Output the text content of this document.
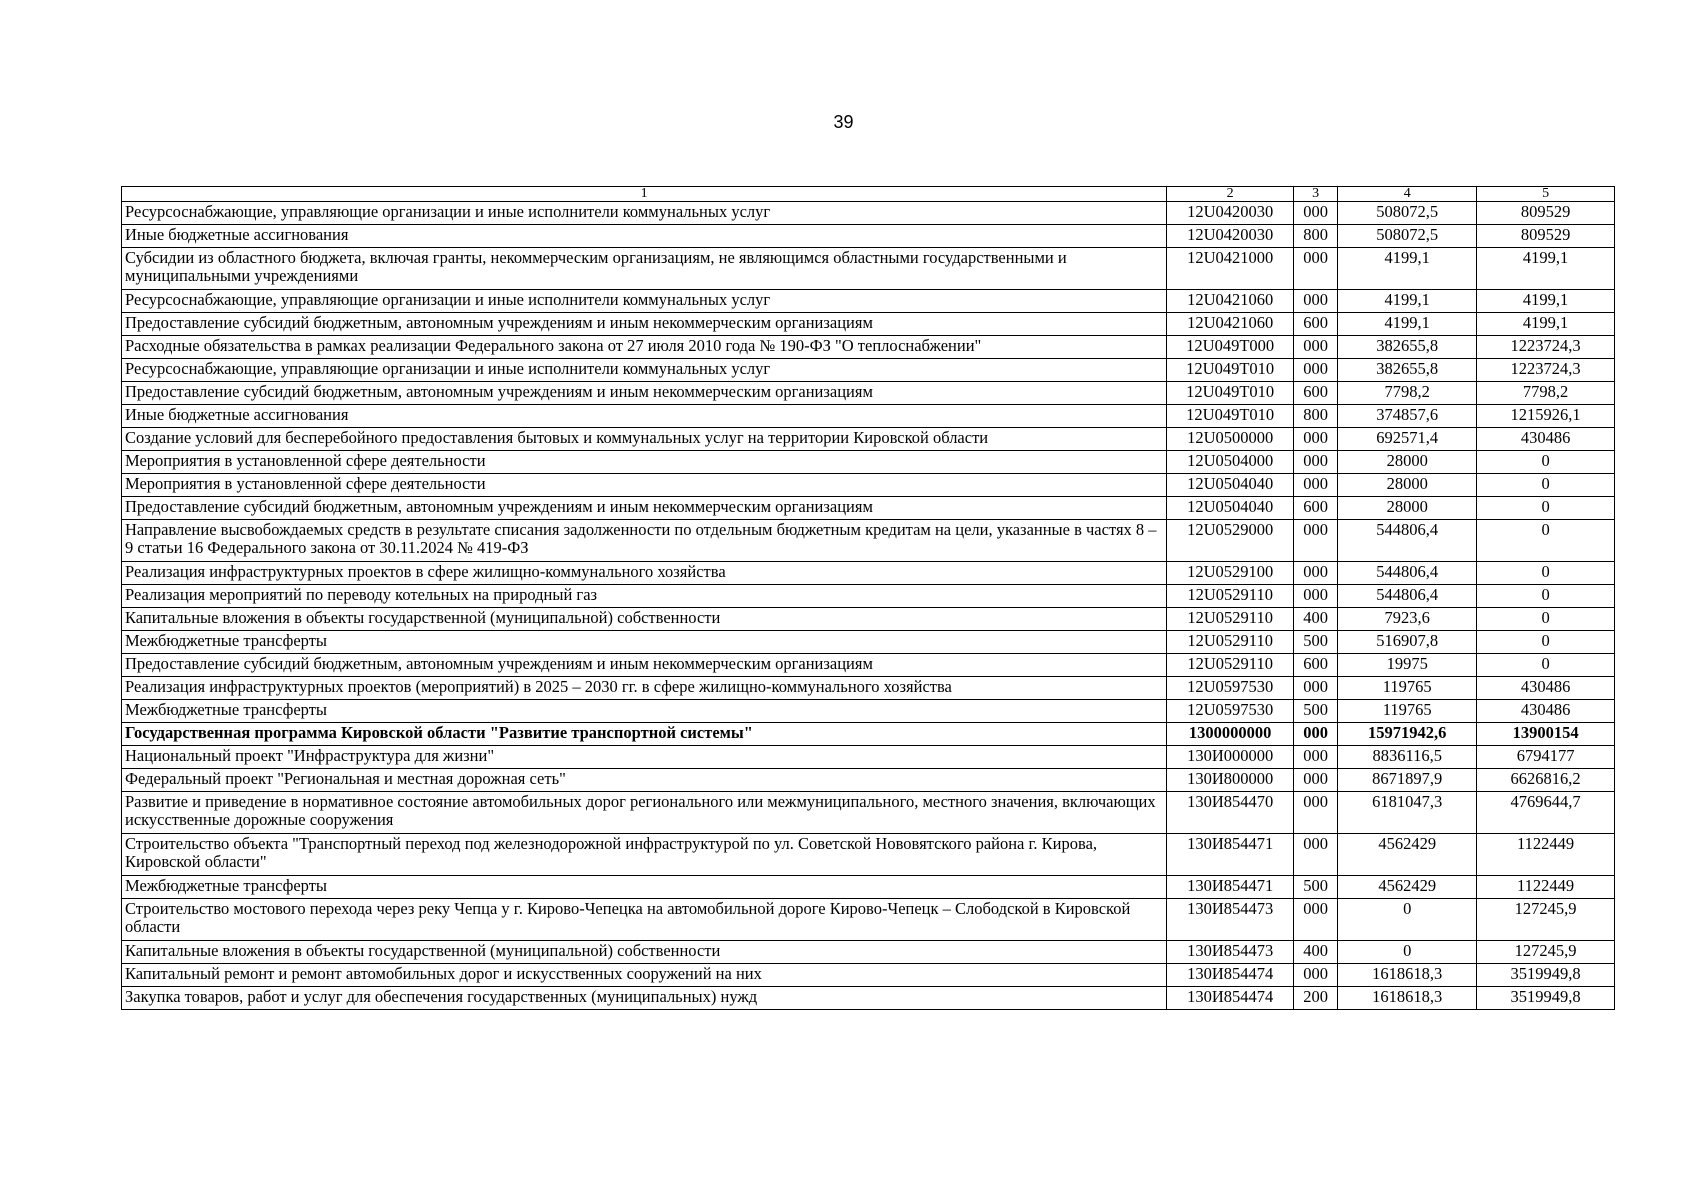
39
1	2	3	4	5
Ресурсоснабжающие, управляющие организации и иные исполнители коммунальных услуг	12U0420030	000	508072,5	809529
Иные бюджетные ассигнования	12U0420030	800	508072,5	809529
Субсидии из областного бюджета, включая гранты, некоммерческим организациям, не являющимся областными государственными и муниципальными учреждениями	12U0421000	000	4199,1	4199,1
Ресурсоснабжающие, управляющие организации и иные исполнители коммунальных услуг	12U0421060	000	4199,1	4199,1
Предоставление субсидий бюджетным, автономным учреждениям и иным некоммерческим организациям	12U0421060	600	4199,1	4199,1
Расходные обязательства в рамках реализации Федерального закона от 27 июля 2010 года № 190-ФЗ "О теплоснабжении"	12U049T000	000	382655,8	1223724,3
Ресурсоснабжающие, управляющие организации и иные исполнители коммунальных услуг	12U049T010	000	382655,8	1223724,3
Предоставление субсидий бюджетным, автономным учреждениям и иным некоммерческим организациям	12U049T010	600	7798,2	7798,2
Иные бюджетные ассигнования	12U049T010	800	374857,6	1215926,1
Создание условий для бесперебойного предоставления бытовых и коммунальных услуг на территории Кировской области	12U0500000	000	692571,4	430486
Мероприятия в установленной сфере деятельности	12U0504000	000	28000	0
Мероприятия в установленной сфере деятельности	12U0504040	000	28000	0
Предоставление субсидий бюджетным, автономным учреждениям и иным некоммерческим организациям	12U0504040	600	28000	0
Направление высвобождаемых средств в результате списания задолженности по отдельным бюджетным кредитам на цели, указанные в частях 8 – 9 статьи 16 Федерального закона от 30.11.2024 № 419-ФЗ	12U0529000	000	544806,4	0
Реализация инфраструктурных проектов в сфере жилищно-коммунального хозяйства	12U0529100	000	544806,4	0
Реализация мероприятий по переводу котельных на природный газ	12U0529110	000	544806,4	0
Капитальные вложения в объекты государственной (муниципальной) собственности	12U0529110	400	7923,6	0
Межбюджетные трансферты	12U0529110	500	516907,8	0
Предоставление субсидий бюджетным, автономным учреждениям и иным некоммерческим организациям	12U0529110	600	19975	0
Реализация инфраструктурных проектов (мероприятий) в 2025 – 2030 гг. в сфере жилищно-коммунального хозяйства	12U0597530	000	119765	430486
Межбюджетные трансферты	12U0597530	500	119765	430486
Государственная программа Кировской области "Развитие транспортной системы"	1300000000	000	15971942,6	13900154
Национальный проект "Инфраструктура для жизни"	130И000000	000	8836116,5	6794177
Федеральный проект "Региональная и местная дорожная сеть"	130И800000	000	8671897,9	6626816,2
Развитие и приведение в нормативное состояние автомобильных дорог регионального или межмуниципального, местного значения, включающих искусственные дорожные сооружения	130И854470	000	6181047,3	4769644,7
Строительство объекта "Транспортный переход под железнодорожной инфраструктурой по ул. Советской Нововятского района г. Кирова, Кировской области"	130И854471	000	4562429	1122449
Межбюджетные трансферты	130И854471	500	4562429	1122449
Строительство мостового перехода через реку Чепца у г. Кирово-Чепецка на автомобильной дороге Кирово-Чепецк – Слободской в Кировской области	130И854473	000	0	127245,9
Капитальные вложения в объекты государственной (муниципальной) собственности	130И854473	400	0	127245,9
Капитальный ремонт и ремонт автомобильных дорог и искусственных сооружений на них	130И854474	000	1618618,3	3519949,8
Закупка товаров, работ и услуг для обеспечения государственных (муниципальных) нужд	130И854474	200	1618618,3	3519949,8
